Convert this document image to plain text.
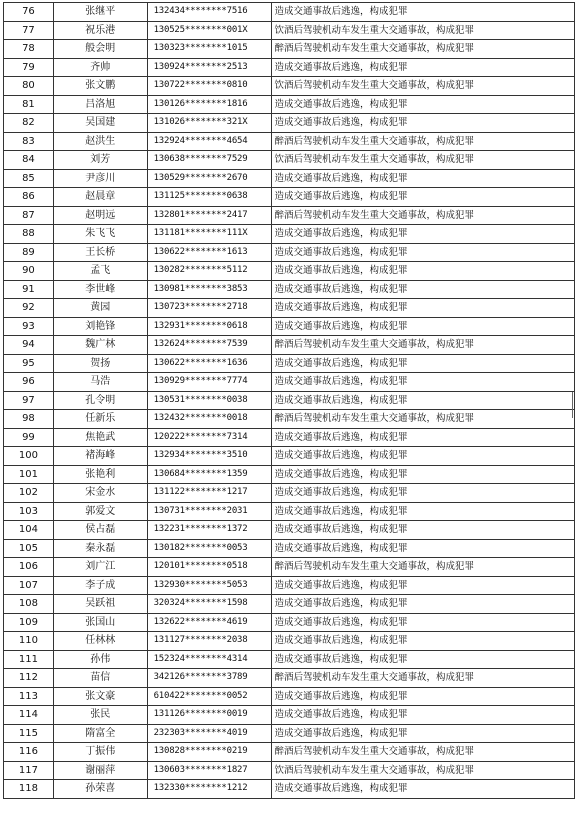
76	张继平	132434********7516	造成交通事故后逃逸，构成犯罪
77	祝乐港	130525********001X	饮酒后驾驶机动车发生重大交通事故，构成犯罪
78	般会明	130323********1015	醉酒后驾驶机动车发生重大交通事故，构成犯罪
79	齐帅	130924********2513	造成交通事故后逃逸，构成犯罪
80	张文鹏	130722********0810	饮酒后驾驶机动车发生重大交通事故，构成犯罪
81	吕洛旭	130126********1816	造成交通事故后逃逸，构成犯罪
82	吴国建	131026********321X	造成交通事故后逃逸，构成犯罪
83	赵洪生	132924********4654	醉酒后驾驶机动车发生重大交通事故，构成犯罪
84	刘芳	130638********7529	饮酒后驾驶机动车发生重大交通事故，构成犯罪
85	尹彦川	130529********2670	造成交通事故后逃逸，构成犯罪
86	赵晨章	131125********0638	造成交通事故后逃逸，构成犯罪
87	赵明远	132801********2417	醉酒后驾驶机动车发生重大交通事故，构成犯罪
88	朱飞飞	131181********111X	造成交通事故后逃逸，构成犯罪
89	王长桥	130622********1613	造成交通事故后逃逸，构成犯罪
90	孟飞	130282********5112	造成交通事故后逃逸，构成犯罪
91	李世峰	130981********3853	造成交通事故后逃逸，构成犯罪
92	黄园	130723********2718	造成交通事故后逃逸，构成犯罪
93	刘艳锋	132931********0618	造成交通事故后逃逸，构成犯罪
94	魏广林	132624********7539	醉酒后驾驶机动车发生重大交通事故，构成犯罪
95	贺扬	130622********1636	造成交通事故后逃逸，构成犯罪
96	马浩	130929********7774	造成交通事故后逃逸，构成犯罪
97	孔令明	130531********0038	造成交通事故后逃逸，构成犯罪
98	任新乐	132432********0018	醉酒后驾驶机动车发生重大交通事故，构成犯罪
99	焦艳武	120222********7314	造成交通事故后逃逸，构成犯罪
100	褚海峰	132934********3510	造成交通事故后逃逸，构成犯罪
101	张艳利	130684********1359	造成交通事故后逃逸，构成犯罪
102	宋金水	131122********1217	造成交通事故后逃逸，构成犯罪
103	郭爱文	130731********2031	造成交通事故后逃逸，构成犯罪
104	侯占磊	132231********1372	造成交通事故后逃逸，构成犯罪
105	秦永磊	130182********0053	造成交通事故后逃逸，构成犯罪
106	刘广江	120101********0518	醉酒后驾驶机动车发生重大交通事故，构成犯罪
107	李子成	132930********5053	造成交通事故后逃逸，构成犯罪
108	吴跃祖	320324********1598	造成交通事故后逃逸，构成犯罪
109	张国山	132622********4619	造成交通事故后逃逸，构成犯罪
110	任林林	131127********2038	造成交通事故后逃逸，构成犯罪
111	孙伟	152324********4314	造成交通事故后逃逸，构成犯罪
112	苗信	342126********3789	醉酒后驾驶机动车发生重大交通事故，构成犯罪
113	张文豪	610422********0052	造成交通事故后逃逸，构成犯罪
114	张民	131126********0019	造成交通事故后逃逸，构成犯罪
115	隋富全	232303********4019	造成交通事故后逃逸，构成犯罪
116	丁振伟	130828********0219	醉酒后驾驶机动车发生重大交通事故，构成犯罪
117	谢丽萍	130603********1827	饮酒后驾驶机动车发生重大交通事故，构成犯罪
118	孙荣喜	132330********1212	造成交通事故后逃逸，构成犯罪
